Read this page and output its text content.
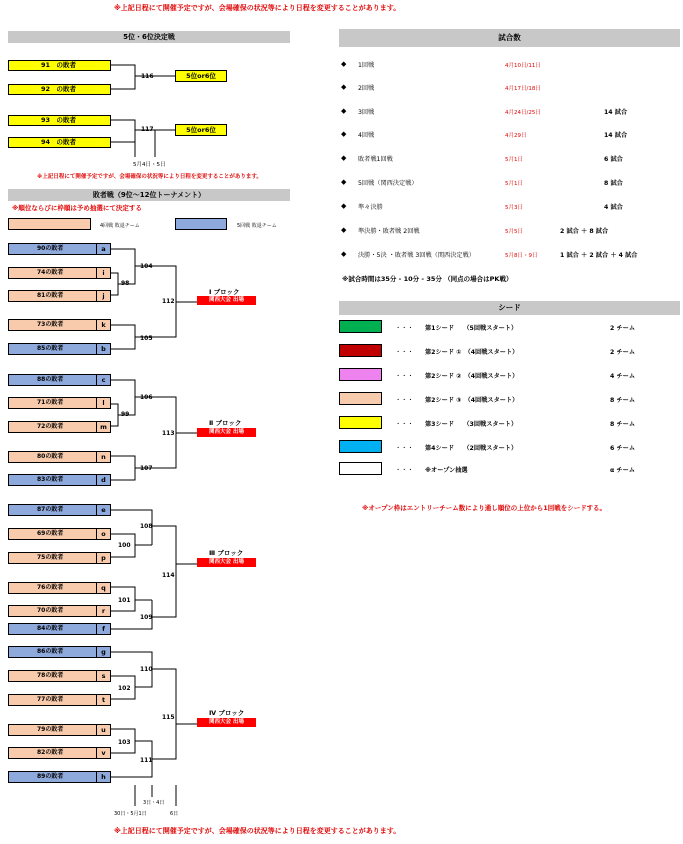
※上記日程にて開催予定ですが、会場確保の状況等により日程を変更することがあります。
5位・6位決定戦
91　の敗者
92　の敗者
93　の敗者
94　の敗者
5位or6位
5位or6位
116
117
5月4日・5日
※上記日程にて開催予定ですが、会場確保の状況等により日程を変更することがあります。
敗者戦（9位〜12位トーナメント）
※順位ならびに枠順は予め抽選にて決定する
4回戦 敗退チーム	5回戦 敗退チーム
90の敗者	a
74の敗者	i
81の敗者	j
73の敗者	k
85の敗者	b
88の敗者	c
71の敗者	l
72の敗者	m
80の敗者	n
83の敗者	d
87の敗者	e
69の敗者	o
75の敗者	p
76の敗者	q
70の敗者	r
84の敗者	f
86の敗者	g
78の敗者	s
77の敗者	t
79の敗者	u
82の敗者	v
89の敗者	h
104
98
105
112
106
99
107
113
108
100
101
109
114
102
110
103
111
115
Ⅰ ブロック
関西大会 出場
Ⅱ ブロック
関西大会 出場
Ⅲ ブロック
関西大会 出場
Ⅳ ブロック
関西大会 出場
30日・5月1日
3日・4日
6日
※上記日程にて開催予定ですが、会場確保の状況等により日程を変更することがあります。
試合数
◆ 1回戦	4月10日/11日
◆ 2回戦	4月17日/18日
◆ 3回戦	4月24日/25日	14 試合
◆ 4回戦	4月29日	14 試合
◆ 敗者戦1回戦	5月1日	6 試合
◆ 5回戦（関西決定戦）	5月1日	8 試合
◆ 準々決勝	5月3日	4 試合
◆ 準決勝・敗者戦 2回戦	5月5日	2 試合 ＋ 8 試合
◆ 決勝・5決 ・敗者戦 3回戦（関西決定戦）	5月8日・9日	1 試合 ＋ 2 試合 ＋ 4 試合
※試合時間は35分 - 10分 - 35分 （同点の場合はPK戦）
シード
・・・ 第1シード　　（5回戦スタート）	2 チーム
・・・ 第2シード ①　（4回戦スタート）	2 チーム
・・・ 第2シード ②　（4回戦スタート）	4 チーム
・・・ 第2シード ③　（4回戦スタート）	8 チーム
・・・ 第3シード　　（3回戦スタート）	8 チーム
・・・ 第4シード　　（2回戦スタート）	6 チーム
・・・ ※オープン抽選	α チーム
※オープン枠はエントリーチーム数により通し順位の上位から1回戦をシードする。
